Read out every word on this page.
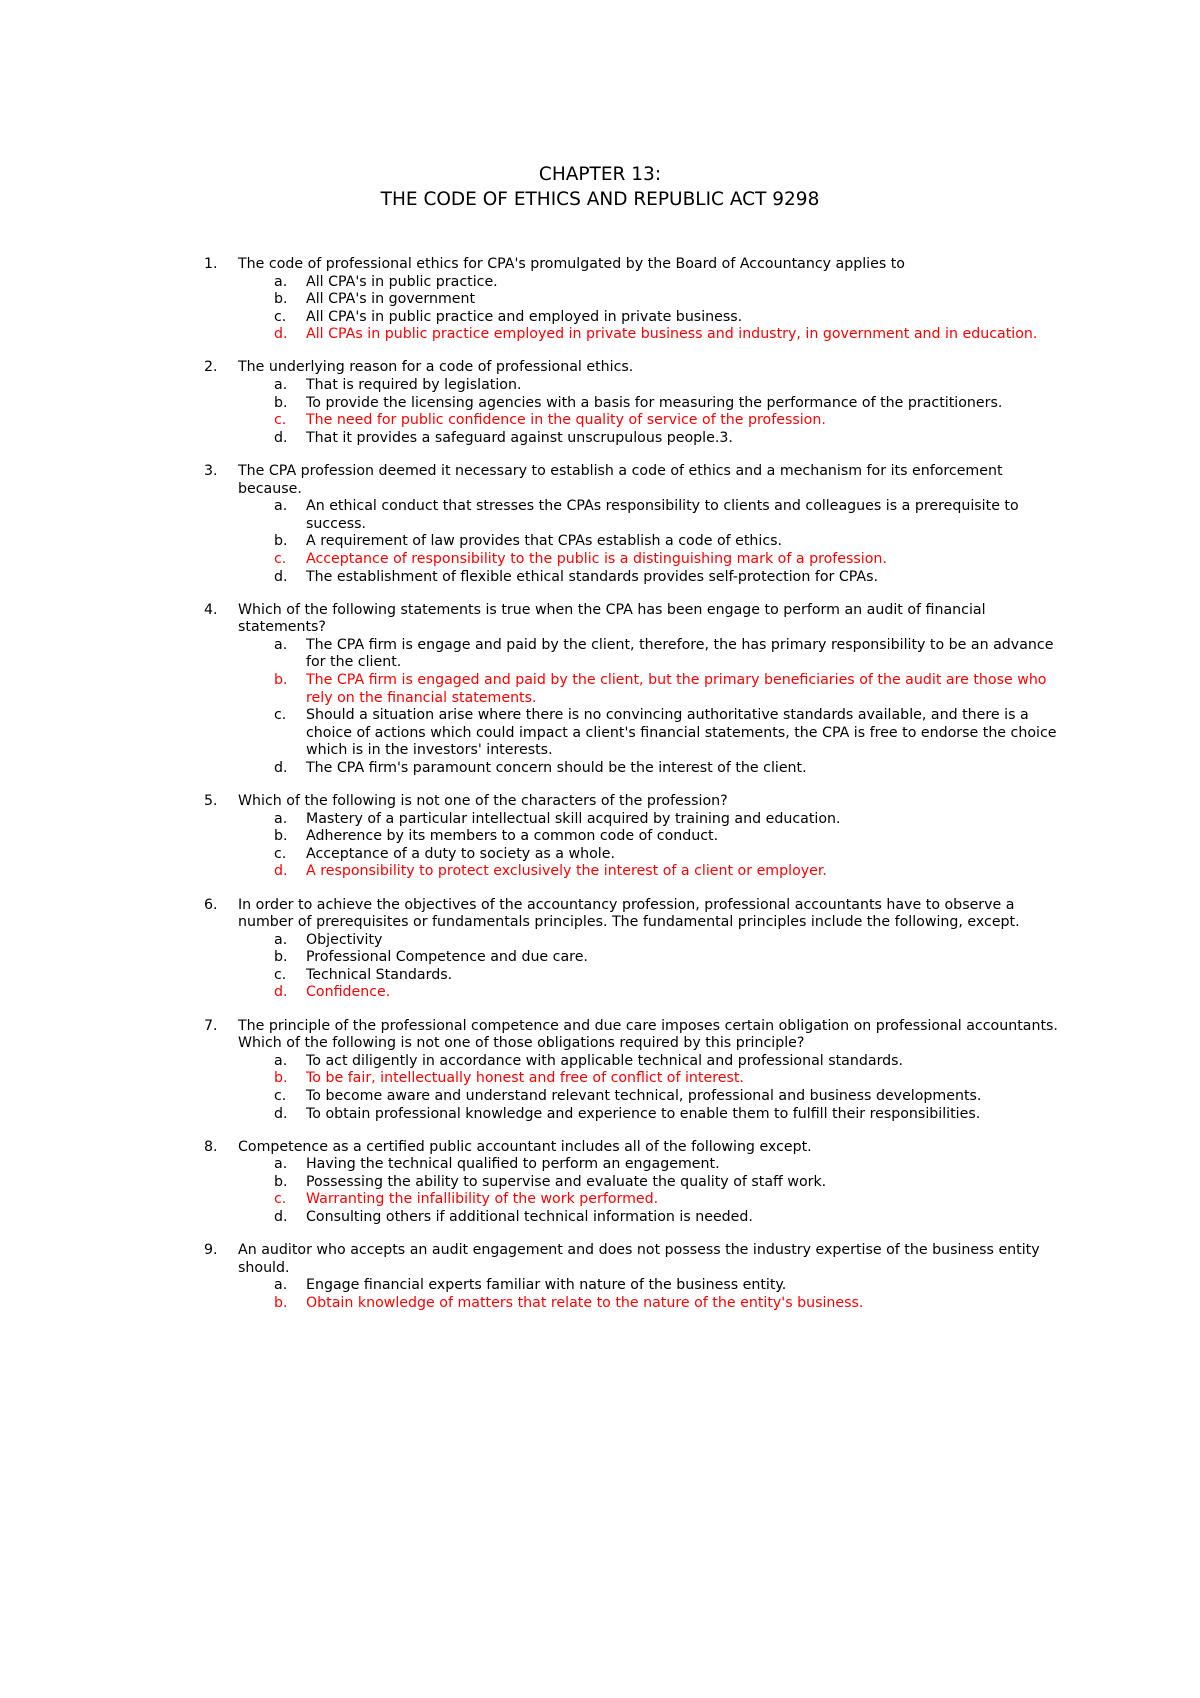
CHAPTER 13:
THE CODE OF ETHICS AND REPUBLIC ACT 9298
1. The code of professional ethics for CPA's promulgated by the Board of Accountancy applies to
a. All CPA's in public practice.
b. All CPA's in government
c. All CPA's in public practice and employed in private business.
d. All CPAs in public practice employed in private business and industry, in government and in education.
2. The underlying reason for a code of professional ethics.
a. That is required by legislation.
b. To provide the licensing agencies with a basis for measuring the performance of the practitioners.
c. The need for public confidence in the quality of service of the profession.
d. That it provides a safeguard against unscrupulous people.3.
3. The CPA profession deemed it necessary to establish a code of ethics and a mechanism for its enforcement because.
a. An ethical conduct that stresses the CPAs responsibility to clients and colleagues is a prerequisite to success.
b. A requirement of law provides that CPAs establish a code of ethics.
c. Acceptance of responsibility to the public is a distinguishing mark of a profession.
d. The establishment of flexible ethical standards provides self-protection for CPAs.
4. Which of the following statements is true when the CPA has been engage to perform an audit of financial statements?
a. The CPA firm is engage and paid by the client, therefore, the has primary responsibility to be an advance for the client.
b. The CPA firm is engaged and paid by the client, but the primary beneficiaries of the audit are those who rely on the financial statements.
c. Should a situation arise where there is no convincing authoritative standards available, and there is a choice of actions which could impact a client's financial statements, the CPA is free to endorse the choice which is in the investors' interests.
d. The CPA firm's paramount concern should be the interest of the client.
5. Which of the following is not one of the characters of the profession?
a. Mastery of a particular intellectual skill acquired by training and education.
b. Adherence by its members to a common code of conduct.
c. Acceptance of a duty to society as a whole.
d. A responsibility to protect exclusively the interest of a client or employer.
6. In order to achieve the objectives of the accountancy profession, professional accountants have to observe a number of prerequisites or fundamentals principles. The fundamental principles include the following, except.
a. Objectivity
b. Professional Competence and due care.
c. Technical Standards.
d. Confidence.
7. The principle of the professional competence and due care imposes certain obligation on professional accountants. Which of the following is not one of those obligations required by this principle?
a. To act diligently in accordance with applicable technical and professional standards.
b. To be fair, intellectually honest and free of conflict of interest.
c. To become aware and understand relevant technical, professional and business developments.
d. To obtain professional knowledge and experience to enable them to fulfill their responsibilities.
8. Competence as a certified public accountant includes all of the following except.
a. Having the technical qualified to perform an engagement.
b. Possessing the ability to supervise and evaluate the quality of staff work.
c. Warranting the infallibility of the work performed.
d. Consulting others if additional technical information is needed.
9. An auditor who accepts an audit engagement and does not possess the industry expertise of the business entity should.
a. Engage financial experts familiar with nature of the business entity.
b. Obtain knowledge of matters that relate to the nature of the entity's business.
